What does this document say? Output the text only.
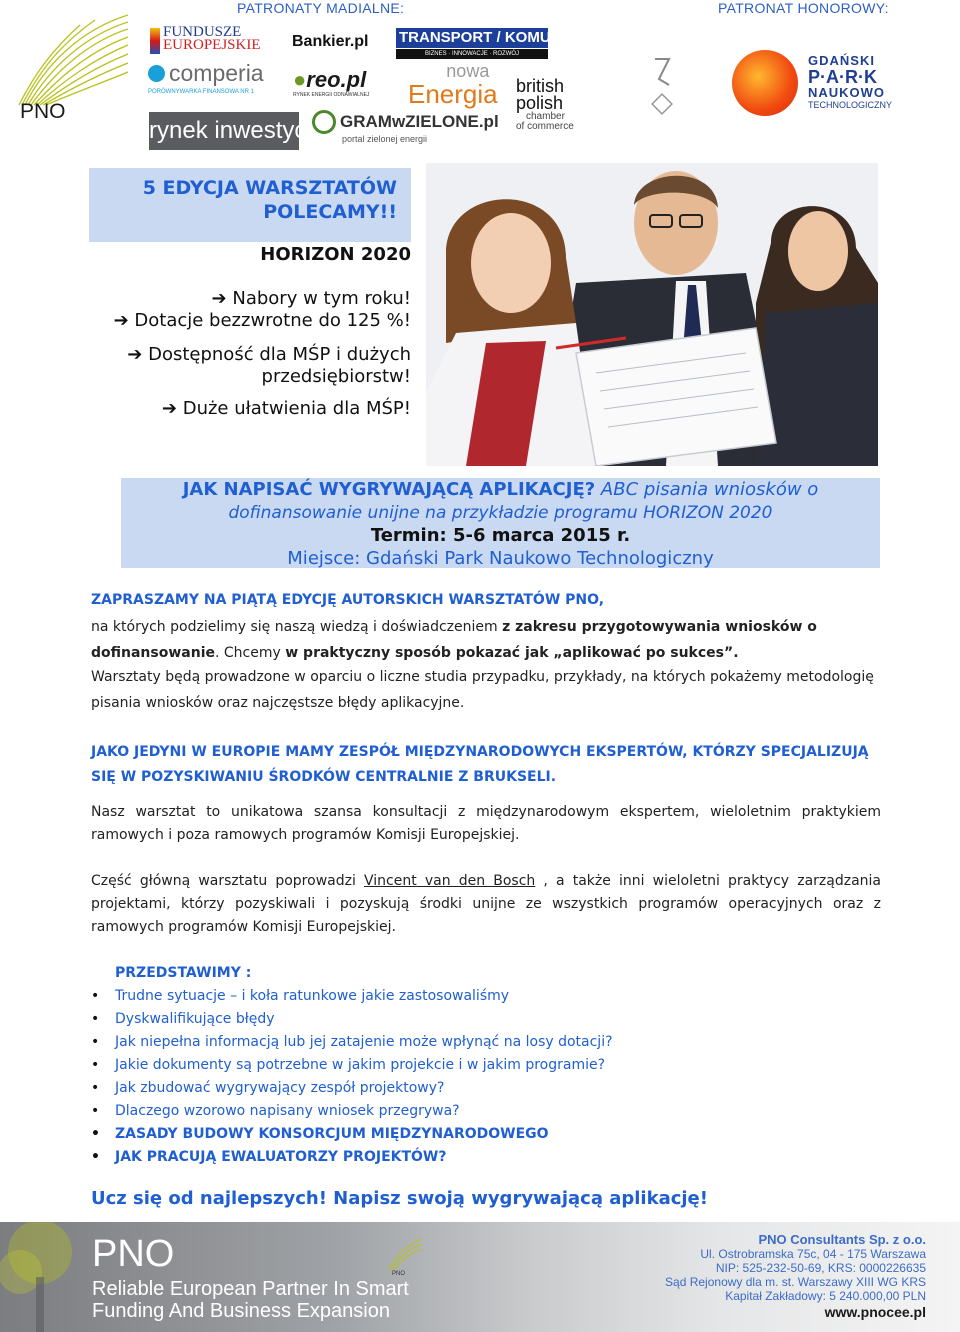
PATRONATY MADIALNE:	PATRONAT HONOROWY:
PNO
FUNDUSZE
EUROPEJSKIE Bankier.pl TRANSPORT / KOMUNIKACJA
BIZNES · INNOWACJE · ROZWÓJ
comperia
PORÓWNYWARKA FINANSOWA NR 1	●reo.pl
RYNEK ENERGII ODNAWIALNEJ
nowa
Energia british
polish
chamber
of commerce
rynek inwestycji GRAMwZIELONE.pl
portal zielonej energii
GDAŃSKI
P·A·R·K
NAUKOWO
TECHNOLOGICZNY
5 EDYCJA WARSZTATÓW POLECAMY!!
HORIZON 2020
➔ Nabory w tym roku!
➔ Dotacje bezzwrotne do 125 %!
➔ Dostępność dla MŚP i dużych
przedsiębiorstw!
➔ Duże ułatwienia dla MŚP!
JAK NAPISAĆ WYGRYWAJĄCĄ APLIKACJĘ? ABC pisania wniosków o
dofinansowanie unijne na przykładzie programu HORIZON 2020
Termin: 5-6 marca 2015 r.
Miejsce: Gdański Park Naukowo Technologiczny
ZAPRASZAMY NA PIĄTĄ EDYCJĘ AUTORSKICH WARSZTATÓW PNO,
na których podzielimy się naszą wiedzą i doświadczeniem z zakresu przygotowywania wniosków o dofinansowanie. Chcemy w praktyczny sposób pokazać jak „aplikować po sukces”.
Warsztaty będą prowadzone w oparciu o liczne studia przypadku, przykłady, na których pokażemy metodologię pisania wniosków oraz najczęstsze błędy aplikacyjne.
JAKO JEDYNI W EUROPIE MAMY ZESPÓŁ MIĘDZYNARODOWYCH EKSPERTÓW, KTÓRZY SPECJALIZUJĄ SIĘ W POZYSKIWANIU ŚRODKÓW CENTRALNIE Z BRUKSELI.
Nasz warsztat to unikatowa szansa konsultacji z międzynarodowym ekspertem, wieloletnim praktykiem ramowych i poza ramowych programów Komisji Europejskiej.
Część główną warsztatu poprowadzi Vincent van den Bosch , a także inni wieloletni praktycy zarządzania projektami, którzy pozyskiwali i pozyskują środki unijne ze wszystkich programów operacyjnych oraz z ramowych programów Komisji Europejskiej.
PRZEDSTAWIMY :
• Trudne sytuacje – i koła ratunkowe jakie zastosowaliśmy
• Dyskwalifikujące błędy
• Jak niepełna informacją lub jej zatajenie może wpłynąć na losy dotacji?
• Jakie dokumenty są potrzebne w jakim projekcie i w jakim programie?
• Jak zbudować wygrywający zespół projektowy?
• Dlaczego wzorowo napisany wniosek przegrywa?
• ZASADY BUDOWY KONSORCJUM MIĘDZYNARODOWEGO
• JAK PRACUJĄ EWALUATORZY PROJEKTÓW?
Ucz się od najlepszych! Napisz swoją wygrywającą aplikację!
PNO
Reliable European Partner In Smart
Funding And Business Expansion
PNO
PNO Consultants Sp. z o.o.
Ul. Ostrobramska 75c, 04 - 175 Warszawa
NIP: 525-232-50-69, KRS: 0000226635
Sąd Rejonowy dla m. st. Warszawy XIII WG KRS
Kapitał Zakładowy: 5 240.000,00 PLN
www.pnocee.pl
